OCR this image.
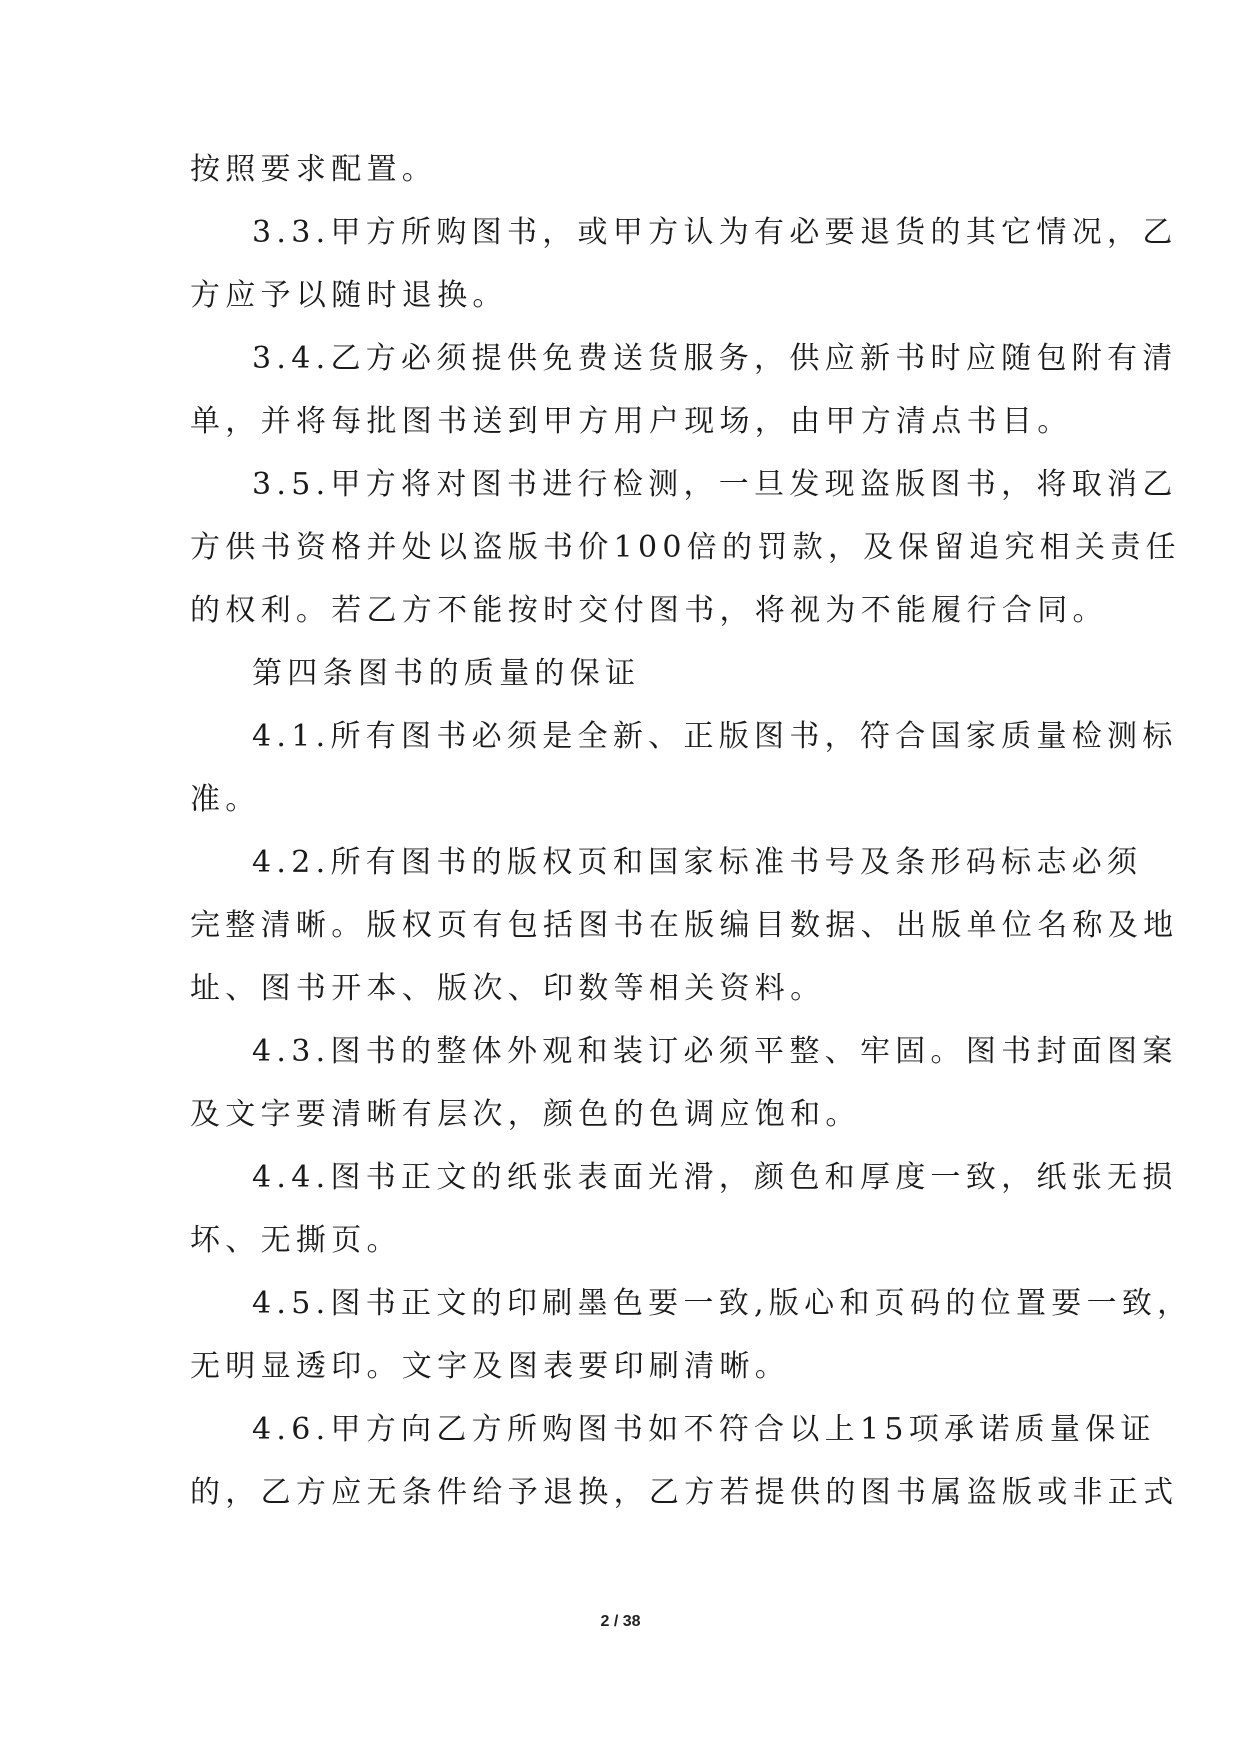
按照要求配置。
3.3.甲方所购图书，或甲方认为有必要退货的其它情况，乙
方应予以随时退换。
3.4.乙方必须提供免费送货服务，供应新书时应随包附有清
单，并将每批图书送到甲方用户现场，由甲方清点书目。
3.5.甲方将对图书进行检测，一旦发现盗版图书，将取消乙
方供书资格并处以盗版书价100倍的罚款，及保留追究相关责任
的权利。若乙方不能按时交付图书，将视为不能履行合同。
第四条图书的质量的保证
4.1.所有图书必须是全新、正版图书，符合国家质量检测标
准。
4.2.所有图书的版权页和国家标准书号及条形码标志必须
完整清晰。版权页有包括图书在版编目数据、出版单位名称及地
址、图书开本、版次、印数等相关资料。
4.3.图书的整体外观和装订必须平整、牢固。图书封面图案
及文字要清晰有层次，颜色的色调应饱和。
4.4.图书正文的纸张表面光滑，颜色和厚度一致，纸张无损
坏、无撕页。
4.5.图书正文的印刷墨色要一致,版心和页码的位置要一致，
无明显透印。文字及图表要印刷清晰。
4.6.甲方向乙方所购图书如不符合以上15项承诺质量保证
的，乙方应无条件给予退换，乙方若提供的图书属盗版或非正式
2 / 38
